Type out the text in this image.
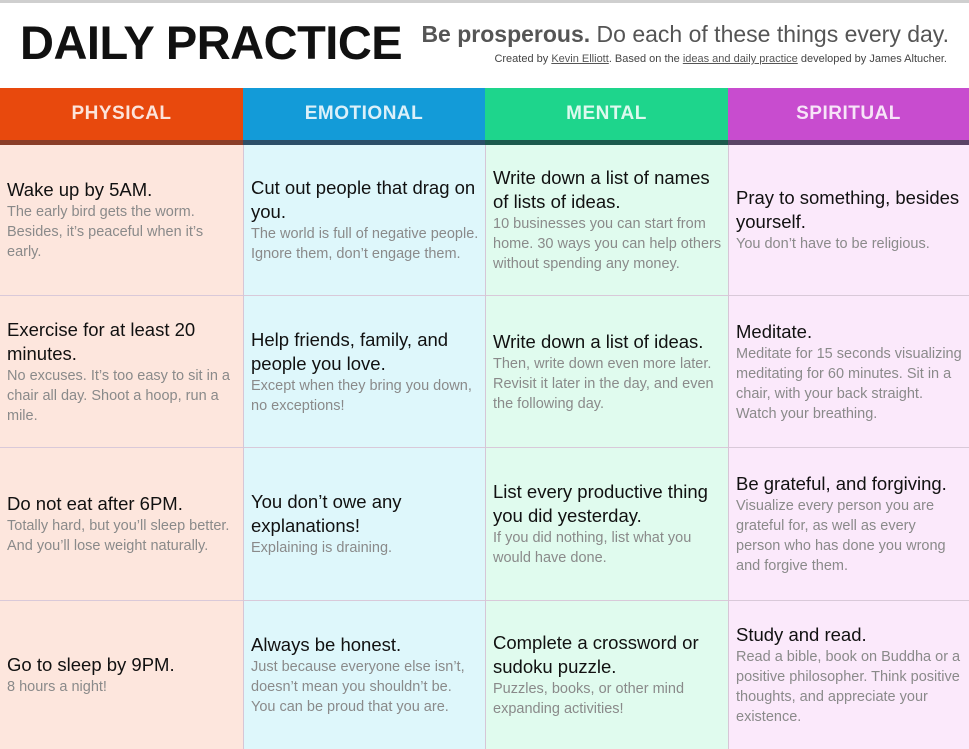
DAILY PRACTICE Be prosperous. Do each of these things every day.
Created by Kevin Elliott. Based on the ideas and daily practice developed by James Altucher.
PHYSICAL
Wake up by 5AM.
The early bird gets the worm. Besides, it’s peaceful when it’s early.
Exercise for at least 20 minutes.
No excuses. It’s too easy to sit in a chair all day. Shoot a hoop, run a mile.
Do not eat after 6PM.
Totally hard, but you’ll sleep better. And you’ll lose weight naturally.
Go to sleep by 9PM.
8 hours a night!
EMOTIONAL
Cut out people that drag on you.
The world is full of negative people. Ignore them, don’t engage them.
Help friends, family, and people you love.
Except when they bring you down, no exceptions!
You don’t owe any explanations!
Explaining is draining.
Always be honest.
Just because everyone else isn’t, doesn’t mean you shouldn’t be. You can be proud that you are.
MENTAL
Write down a list of names of lists of ideas.
10 businesses you can start from home. 30 ways you can help others without spending any money.
Write down a list of ideas.
Then, write down even more later. Revisit it later in the day, and even the following day.
List every productive thing you did yesterday.
If you did nothing, list what you would have done.
Complete a crossword or sudoku puzzle.
Puzzles, books, or other mind expanding activities!
SPIRITUAL
Pray to something, besides yourself.
You don’t have to be religious.
Meditate.
Meditate for 15 seconds visualizing meditating for 60 minutes. Sit in a chair, with your back straight. Watch your breathing.
Be grateful, and forgiving.
Visualize every person you are grateful for, as well as every person who has done you wrong and forgive them.
Study and read.
Read a bible, book on Buddha or a positive philosopher. Think positive thoughts, and appreciate your existence.
